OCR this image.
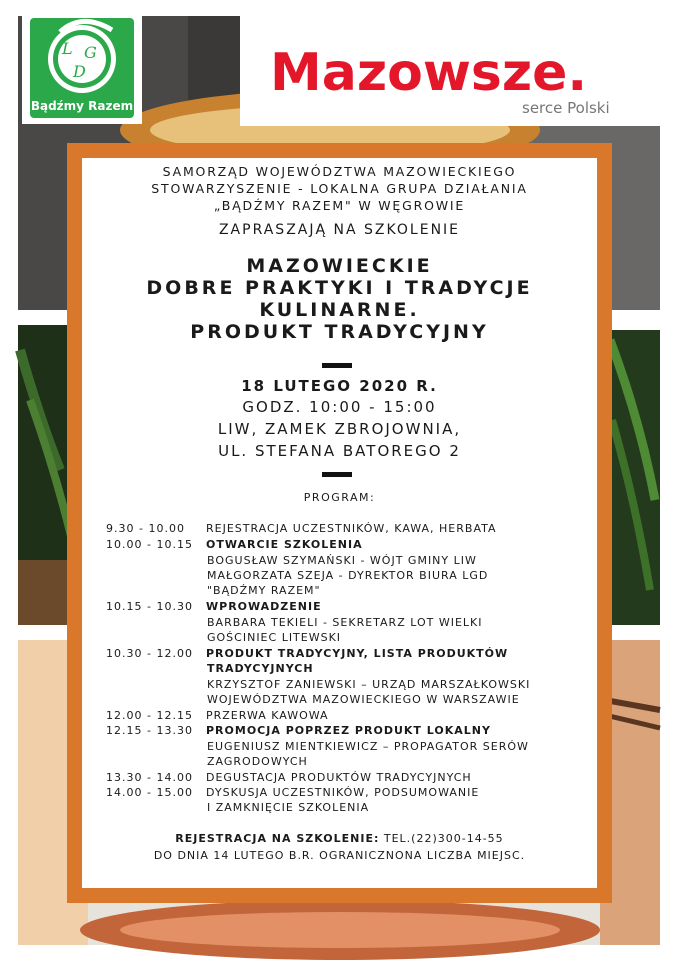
L G
D
Bądźmy Razem
Mazowsze.
serce Polski
SAMORZĄD WOJEWÓDZTWA MAZOWIECKIEGO
STOWARZYSZENIE - LOKALNA GRUPA DZIAŁANIA
„BĄDŹMY RAZEM" W WĘGROWIE
ZAPRASZAJĄ NA SZKOLENIE
MAZOWIECKIE
DOBRE PRAKTYKI I TRADYCJE
KULINARNE.
PRODUKT TRADYCYJNY
18 LUTEGO 2020 R.
GODZ. 10:00 - 15:00
LIW, ZAMEK ZBROJOWNIA,
UL. STEFANA BATOREGO 2
PROGRAM:
9.30 - 10.00 REJESTRACJA UCZESTNIKÓW, KAWA, HERBATA
10.00 - 10.15 OTWARCIE SZKOLENIA
BOGUSŁAW SZYMAŃSKI - WÓJT GMINY LIW
MAŁGORZATA SZEJA - DYREKTOR BIURA LGD
"BĄDŹMY RAZEM"
10.15 - 10.30 WPROWADZENIE
BARBARA TEKIELI - SEKRETARZ LOT WIELKI
GOŚCINIEC LITEWSKI
10.30 - 12.00 PRODUKT TRADYCYJNY, LISTA PRODUKTÓW
TRADYCYJNYCH
KRZYSZTOF ZANIEWSKI – URZĄD MARSZAŁKOWSKI
WOJEWÓDZTWA MAZOWIECKIEGO W WARSZAWIE
12.00 - 12.15 PRZERWA KAWOWA
12.15 - 13.30 PROMOCJA POPRZEZ PRODUKT LOKALNY
EUGENIUSZ MIENTKIEWICZ – PROPAGATOR SERÓW
ZAGRODOWYCH
13.30 - 14.00 DEGUSTACJA PRODUKTÓW TRADYCYJNYCH
14.00 - 15.00 DYSKUSJA UCZESTNIKÓW, PODSUMOWANIE
I ZAMKNIĘCIE SZKOLENIA
REJESTRACJA NA SZKOLENIE: TEL.(22)300-14-55
DO DNIA 14 LUTEGO B.R. OGRANICZNONA LICZBA MIEJSC.
